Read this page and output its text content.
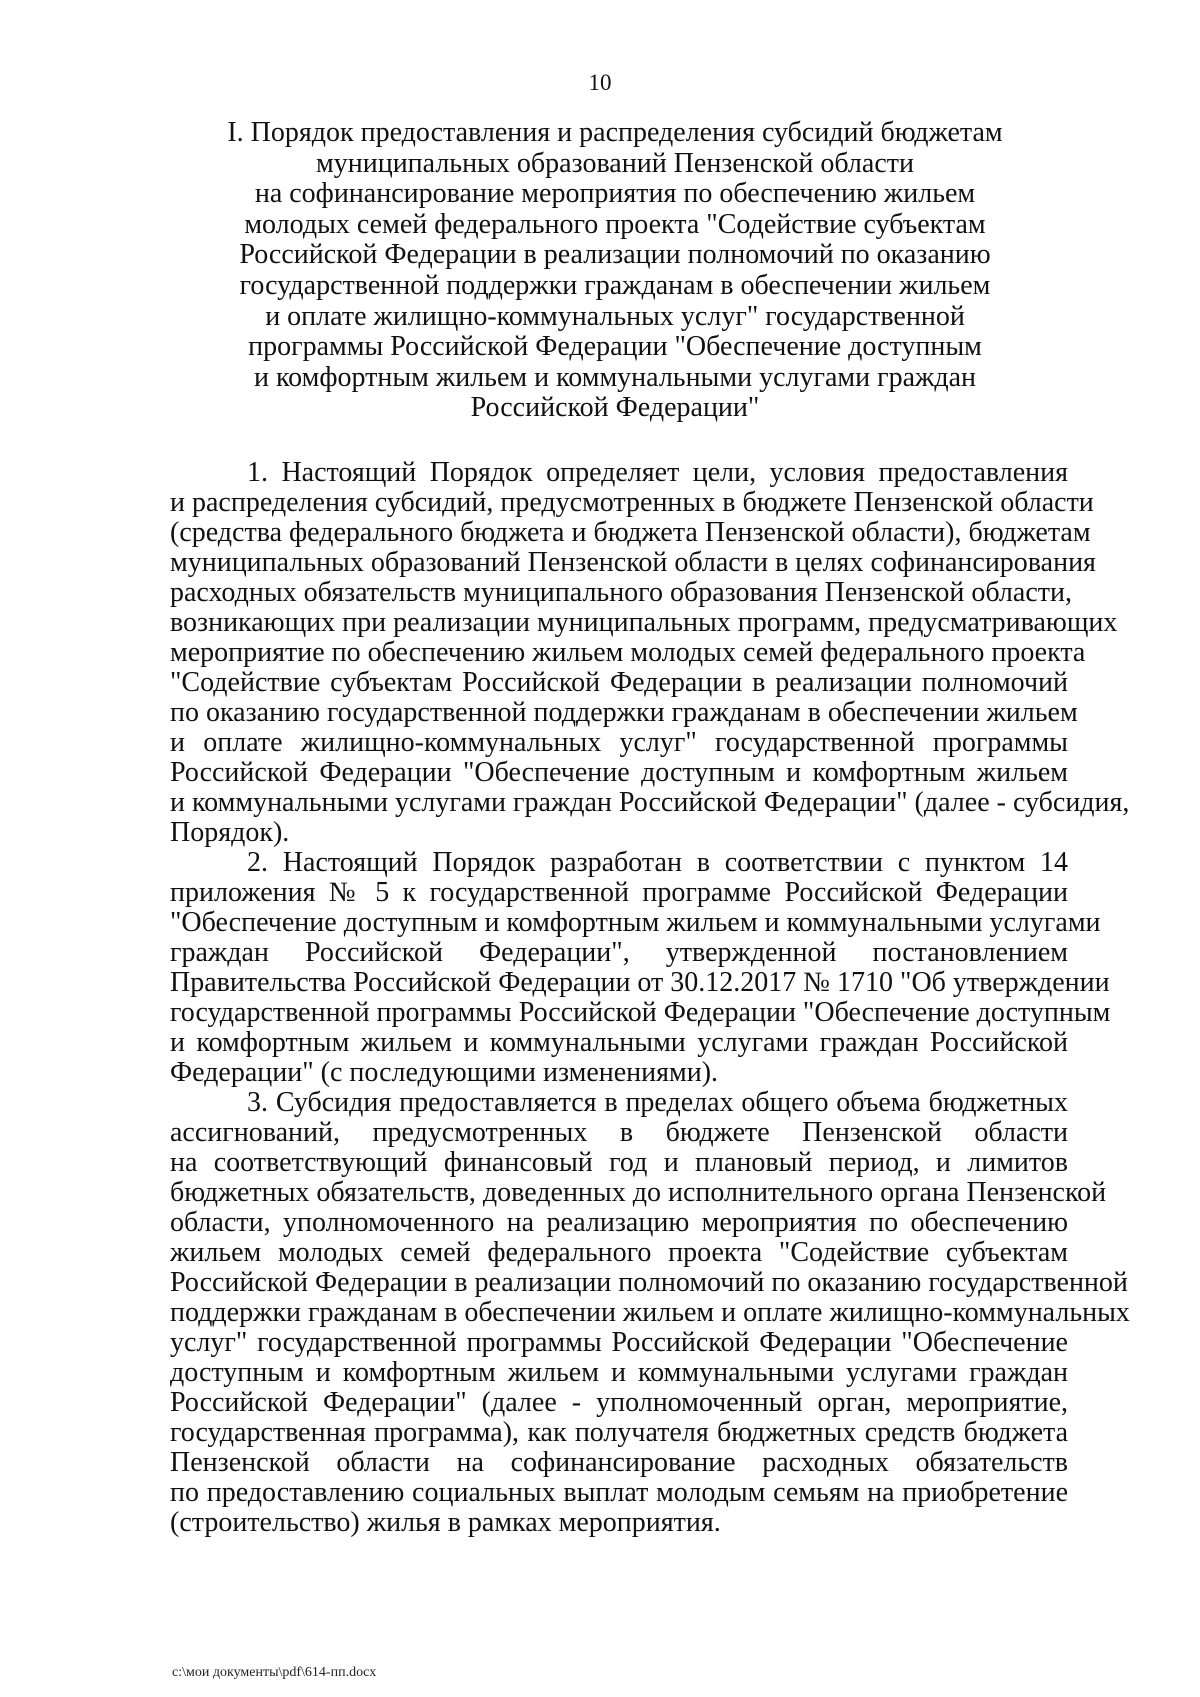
10
I. Порядок предоставления и распределения субсидий бюджетам
муниципальных образований Пензенской области
на софинансирование мероприятия по обеспечению жильем
молодых семей федерального проекта "Содействие субъектам
Российской Федерации в реализации полномочий по оказанию
государственной поддержки гражданам в обеспечении жильем
и оплате жилищно-коммунальных услуг" государственной
программы Российской Федерации "Обеспечение доступным
и комфортным жильем и коммунальными услугами граждан
Российской Федерации"

1. Настоящий Порядок определяет цели, условия предоставления
и распределения субсидий, предусмотренных в бюджете Пензенской области
(средства федерального бюджета и бюджета Пензенской области), бюджетам
муниципальных образований Пензенской области в целях софинансирования
расходных обязательств муниципального образования Пензенской области,
возникающих при реализации муниципальных программ, предусматривающих
мероприятие по обеспечению жильем молодых семей федерального проекта
"Содействие субъектам Российской Федерации в реализации полномочий
по оказанию государственной поддержки гражданам в обеспечении жильем
и оплате жилищно-коммунальных услуг" государственной программы
Российской Федерации "Обеспечение доступным и комфортным жильем
и коммунальными услугами граждан Российской Федерации" (далее - субсидия,
Порядок).

2. Настоящий Порядок разработан в соответствии с пунктом 14
приложения № 5 к государственной программе Российской Федерации
"Обеспечение доступным и комфортным жильем и коммунальными услугами
граждан Российской Федерации", утвержденной постановлением
Правительства Российской Федерации от 30.12.2017 № 1710 "Об утверждении
государственной программы Российской Федерации "Обеспечение доступным
и комфортным жильем и коммунальными услугами граждан Российской
Федерации" (с последующими изменениями).

3. Субсидия предоставляется в пределах общего объема бюджетных
ассигнований, предусмотренных в бюджете Пензенской области
на соответствующий финансовый год и плановый период, и лимитов
бюджетных обязательств, доведенных до исполнительного органа Пензенской
области, уполномоченного на реализацию мероприятия по обеспечению
жильем молодых семей федерального проекта "Содействие субъектам
Российской Федерации в реализации полномочий по оказанию государственной
поддержки гражданам в обеспечении жильем и оплате жилищно-коммунальных
услуг" государственной программы Российской Федерации "Обеспечение
доступным и комфортным жильем и коммунальными услугами граждан
Российской Федерации" (далее - уполномоченный орган, мероприятие,
государственная программа), как получателя бюджетных средств бюджета
Пензенской области на софинансирование расходных обязательств
по предоставлению социальных выплат молодым семьям на приобретение
(строительство) жилья в рамках мероприятия.

c:\мои документы\pdf\614-пп.docx
